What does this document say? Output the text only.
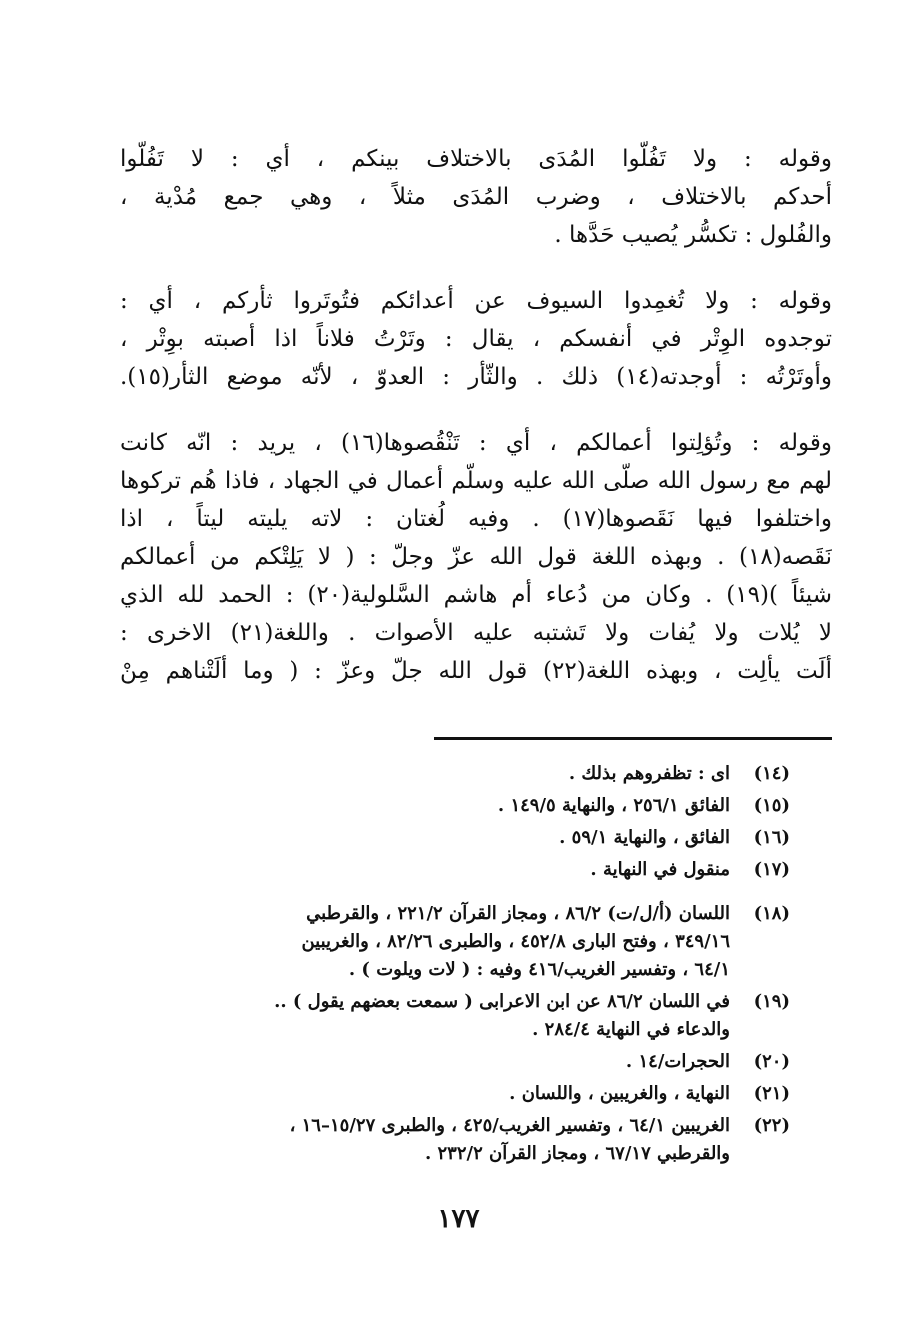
وقوله : ولا تَفُلّوا المُدَى بالاختلاف بينكم ، أي : لا تَفُلّوا
أحدكم بالاختلاف ، وضرب المُدَى مثلاً ، وهي جمع مُدْية ،
والفُلول : تكسُّر يُصيب حَدَّها .

وقوله : ولا تُغمِدوا السيوف عن أعدائكم فتُوتَروا ثأركم ، أي :
توجدوه الوِتْر في أنفسكم ، يقال : وتَرْتُ فلاناً اذا أصبته بوِتْر ،
وأوتَرْتُه : أوجدته(١٤) ذلك . والثّأر : العدوّ ، لأنّه موضع الثأر(١٥).

وقوله : وتُؤلِتوا أعمالكم ، أي : تَنْقُصوها(١٦) ، يريد : انّه كانت
لهم مع رسول الله صلّى الله عليه وسلّم أعمال في الجهاد ، فاذا هُم تركوها
واختلفوا فيها نَقَصوها(١٧) . وفيه لُغتان : لاته يليته ليتاً ، اذا
نَقَصه(١٨) . وبهذه اللغة قول الله عزّ وجلّ : ( لا يَلِتْكم من أعمالكم
شيئاً )(١٩) . وكان من دُعاء أم هاشم السَّلولية(٢٠) : الحمد لله الذي
لا يُلات ولا يُفات ولا تَشتبه عليه الأصوات . واللغة(٢١) الاخرى :
ألَت يألِت ، وبهذه اللغة(٢٢) قول الله جلّ وعزّ : ( وما ألَتْناهم مِنْ

(١٤)
اى : تظفروهم بذلك .
(١٥)
الفائق ٢٥٦/١ ، والنهاية ١٤٩/٥ .
(١٦)
الفائق ، والنهاية ٥٩/١ .
(١٧)
منقول في النهاية .
(١٨)
اللسان (أ/ل/ت) ٨٦/٢ ، ومجاز القرآن ٢٢١/٢ ، والقرطبي
٣٤٩/١٦ ، وفتح البارى ٤٥٢/٨ ، والطبرى ٨٢/٢٦ ، والغريبين
٦٤/١ ، وتفسير الغريب/٤١٦ وفيه : ( لات ويلوت ) .
(١٩)
في اللسان ٨٦/٢ عن ابن الاعرابى ( سمعت بعضهم يقول ) ..
والدعاء في النهاية ٢٨٤/٤ .
(٢٠)
الحجرات/١٤ .
(٢١)
النهاية ، والغريبين ، واللسان .
(٢٢)
الغريبين ٦٤/١ ، وتفسير الغريب/٤٢٥ ، والطبرى ١٥/٢٧–١٦ ،
والقرطبي ٦٧/١٧ ، ومجاز القرآن ٢٣٢/٢ .
١٧٧
